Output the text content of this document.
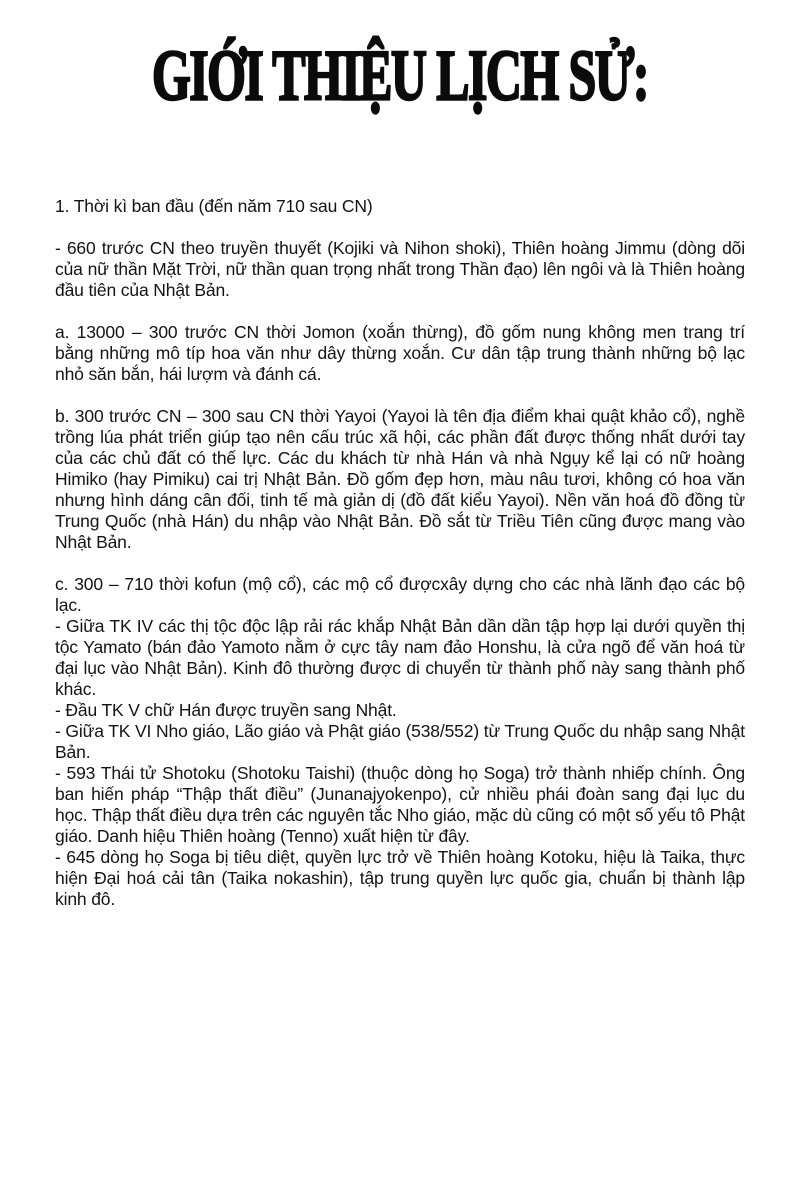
GIỚI THIỆU LỊCH SỬ:

1. Thời kì ban đầu (đến năm 710 sau CN)

- 660 trước CN theo truyền thuyết (Kojiki và Nihon shoki), Thiên hoàng Jimmu (dòng dõi của nữ thần Mặt Trời, nữ thần quan trọng nhất trong Thần đạo) lên ngôi và là Thiên hoàng đầu tiên của Nhật Bản.

a. 13000 – 300 trước CN thời Jomon (xoắn thừng), đồ gốm nung không men trang trí bằng những mô típ hoa văn như dây thừng xoắn. Cư dân tập trung thành những bộ lạc nhỏ săn bắn, hái lượm và đánh cá.

b. 300 trước CN – 300 sau CN thời Yayoi (Yayoi là tên địa điểm khai quật khảo cổ), nghề trồng lúa phát triển giúp tạo nên cấu trúc xã hội, các phần đất được thống nhất dưới tay của các chủ đất có thế lực. Các du khách từ nhà Hán và nhà Ngụy kể lại có nữ hoàng Himiko (hay Pimiku) cai trị Nhật Bản. Đồ gốm đẹp hơn, màu nâu tươi, không có hoa văn nhưng hình dáng cân đối, tinh tế mà giản dị (đồ đất kiểu Yayoi). Nền văn hoá đồ đồng từ Trung Quốc (nhà Hán) du nhập vào Nhật Bản. Đồ sắt từ Triều Tiên cũng được mang vào Nhật Bản.

c. 300 – 710 thời kofun (mộ cổ), các mộ cổ đượcxây dựng cho các nhà lãnh đạo các bộ lạc.
- Giữa TK IV các thị tộc độc lập rải rác khắp Nhật Bản dần dần tập hợp lại dưới quyền thị tộc Yamato (bán đảo Yamoto nằm ở cực tây nam đảo Honshu, là cửa ngõ để văn hoá từ đại lục vào Nhật Bản). Kinh đô thường được di chuyển từ thành phố này sang thành phố khác.
- Đầu TK V chữ Hán được truyền sang Nhật.
- Giữa TK VI Nho giáo, Lão giáo và Phật giáo (538/552) từ Trung Quốc du nhập sang Nhật Bản.
- 593 Thái tử Shotoku (Shotoku Taishi) (thuộc dòng họ Soga) trở thành nhiếp chính. Ông ban hiến pháp “Thập thất điều” (Junanajyokenpo), cử nhiều phái đoàn sang đại lục du học. Thập thất điều dựa trên các nguyên tắc Nho giáo, mặc dù cũng có một số yếu tô Phật giáo. Danh hiệu Thiên hoàng (Tenno) xuất hiện từ đây.
- 645 dòng họ Soga bị tiêu diệt, quyền lực trở về Thiên hoàng Kotoku, hiệu là Taika, thực hiện Đại hoá cải tân (Taika nokashin), tập trung quyền lực quốc gia, chuẩn bị thành lập kinh đô.
